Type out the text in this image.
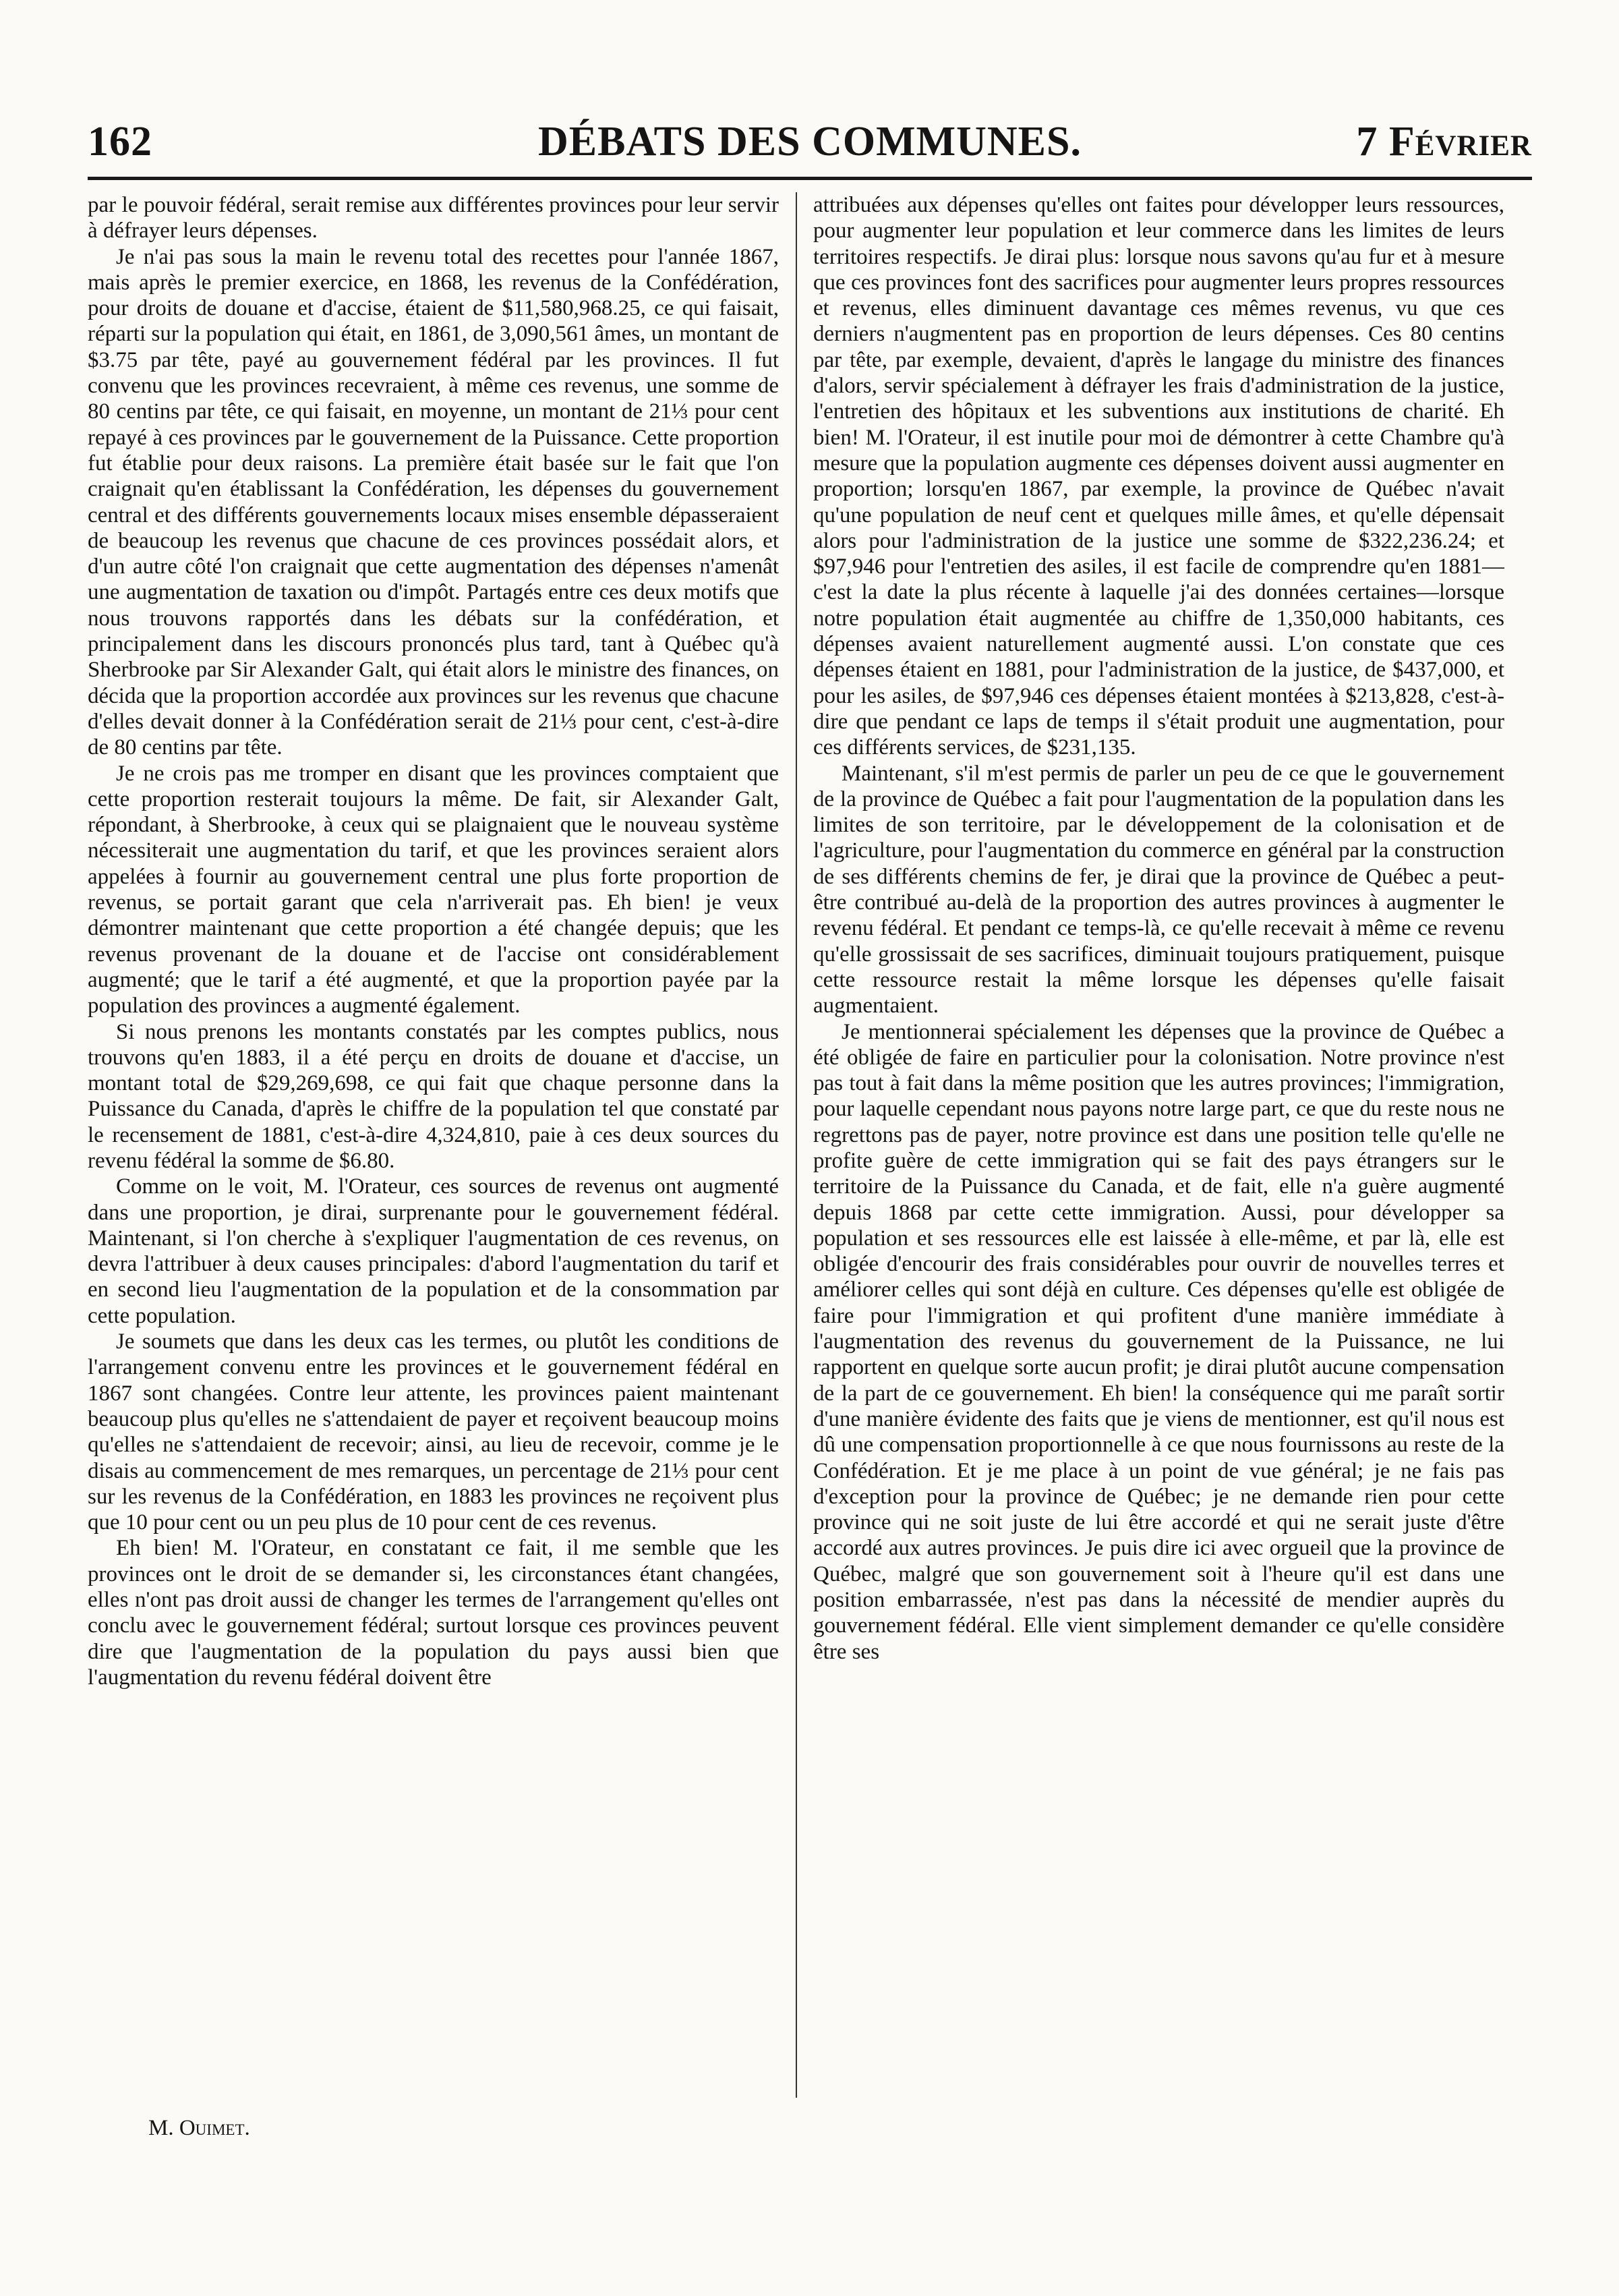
162	DÉBATS DES COMMUNES.	7 Février

par le pouvoir fédéral, serait remise aux différentes provinces pour leur servir à défrayer leurs dépenses.

Je n'ai pas sous la main le revenu total des recettes pour l'année 1867, mais après le premier exercice, en 1868, les revenus de la Confédération, pour droits de douane et d'accise, étaient de $11,580,968.25, ce qui faisait, réparti sur la population qui était, en 1861, de 3,090,561 âmes, un montant de $3.75 par tête, payé au gouvernement fédéral par les provinces. Il fut convenu que les provinces recevraient, à même ces revenus, une somme de 80 centins par tête, ce qui faisait, en moyenne, un montant de 21⅓ pour cent repayé à ces provinces par le gouvernement de la Puissance. Cette proportion fut établie pour deux raisons. La première était basée sur le fait que l'on craignait qu'en établissant la Confédération, les dépenses du gouvernement central et des différents gouvernements locaux mises ensemble dépasseraient de beaucoup les revenus que chacune de ces provinces possédait alors, et d'un autre côté l'on craignait que cette augmentation des dépenses n'amenât une augmentation de taxation ou d'impôt. Partagés entre ces deux motifs que nous trouvons rapportés dans les débats sur la confédération, et principalement dans les discours prononcés plus tard, tant à Québec qu'à Sherbrooke par Sir Alexander Galt, qui était alors le ministre des finances, on décida que la proportion accordée aux provinces sur les revenus que chacune d'elles devait donner à la Confédération serait de 21⅓ pour cent, c'est-à-dire de 80 centins par tête.

Je ne crois pas me tromper en disant que les provinces comptaient que cette proportion resterait toujours la même. De fait, sir Alexander Galt, répondant, à Sherbrooke, à ceux qui se plaignaient que le nouveau système nécessiterait une augmentation du tarif, et que les provinces seraient alors appelées à fournir au gouvernement central une plus forte proportion de revenus, se portait garant que cela n'arriverait pas. Eh bien! je veux démontrer maintenant que cette proportion a été changée depuis; que les revenus provenant de la douane et de l'accise ont considérablement augmenté; que le tarif a été augmenté, et que la proportion payée par la population des provinces a augmenté également.

Si nous prenons les montants constatés par les comptes publics, nous trouvons qu'en 1883, il a été perçu en droits de douane et d'accise, un montant total de $29,269,698, ce qui fait que chaque personne dans la Puissance du Canada, d'après le chiffre de la population tel que constaté par le recensement de 1881, c'est-à-dire 4,324,810, paie à ces deux sources du revenu fédéral la somme de $6.80.

Comme on le voit, M. l'Orateur, ces sources de revenus ont augmenté dans une proportion, je dirai, surprenante pour le gouvernement fédéral. Maintenant, si l'on cherche à s'expliquer l'augmentation de ces revenus, on devra l'attribuer à deux causes principales: d'abord l'augmentation du tarif et en second lieu l'augmentation de la population et de la consommation par cette population.

Je soumets que dans les deux cas les termes, ou plutôt les conditions de l'arrangement convenu entre les provinces et le gouvernement fédéral en 1867 sont changées. Contre leur attente, les provinces paient maintenant beaucoup plus qu'elles ne s'attendaient de payer et reçoivent beaucoup moins qu'elles ne s'attendaient de recevoir; ainsi, au lieu de recevoir, comme je le disais au commencement de mes remarques, un percentage de 21⅓ pour cent sur les revenus de la Confédération, en 1883 les provinces ne reçoivent plus que 10 pour cent ou un peu plus de 10 pour cent de ces revenus.

Eh bien! M. l'Orateur, en constatant ce fait, il me semble que les provinces ont le droit de se demander si, les circonstances étant changées, elles n'ont pas droit aussi de changer les termes de l'arrangement qu'elles ont conclu avec le gouvernement fédéral; surtout lorsque ces provinces peuvent dire que l'augmentation de la population du pays aussi bien que l'augmentation du revenu fédéral doivent être

attribuées aux dépenses qu'elles ont faites pour développer leurs ressources, pour augmenter leur population et leur commerce dans les limites de leurs territoires respectifs. Je dirai plus: lorsque nous savons qu'au fur et à mesure que ces provinces font des sacrifices pour augmenter leurs propres ressources et revenus, elles diminuent davantage ces mêmes revenus, vu que ces derniers n'augmentent pas en proportion de leurs dépenses. Ces 80 centins par tête, par exemple, devaient, d'après le langage du ministre des finances d'alors, servir spécialement à défrayer les frais d'administration de la justice, l'entretien des hôpitaux et les subventions aux institutions de charité. Eh bien! M. l'Orateur, il est inutile pour moi de démontrer à cette Chambre qu'à mesure que la population augmente ces dépenses doivent aussi augmenter en proportion; lorsqu'en 1867, par exemple, la province de Québec n'avait qu'une population de neuf cent et quelques mille âmes, et qu'elle dépensait alors pour l'administration de la justice une somme de $322,236.24; et $97,946 pour l'entretien des asiles, il est facile de comprendre qu'en 1881—c'est la date la plus récente à laquelle j'ai des données certaines—lorsque notre population était augmentée au chiffre de 1,350,000 habitants, ces dépenses avaient naturellement augmenté aussi. L'on constate que ces dépenses étaient en 1881, pour l'administration de la justice, de $437,000, et pour les asiles, de $97,946 ces dépenses étaient montées à $213,828, c'est-à-dire que pendant ce laps de temps il s'était produit une augmentation, pour ces différents services, de $231,135.

Maintenant, s'il m'est permis de parler un peu de ce que le gouvernement de la province de Québec a fait pour l'augmentation de la population dans les limites de son territoire, par le développement de la colonisation et de l'agriculture, pour l'augmentation du commerce en général par la construction de ses différents chemins de fer, je dirai que la province de Québec a peut-être contribué au-delà de la proportion des autres provinces à augmenter le revenu fédéral. Et pendant ce temps-là, ce qu'elle recevait à même ce revenu qu'elle grossissait de ses sacrifices, diminuait toujours pratiquement, puisque cette ressource restait la même lorsque les dépenses qu'elle faisait augmentaient.

Je mentionnerai spécialement les dépenses que la province de Québec a été obligée de faire en particulier pour la colonisation. Notre province n'est pas tout à fait dans la même position que les autres provinces; l'immigration, pour laquelle cependant nous payons notre large part, ce que du reste nous ne regrettons pas de payer, notre province est dans une position telle qu'elle ne profite guère de cette immigration qui se fait des pays étrangers sur le territoire de la Puissance du Canada, et de fait, elle n'a guère augmenté depuis 1868 par cette cette immigration. Aussi, pour développer sa population et ses ressources elle est laissée à elle-même, et par là, elle est obligée d'encourir des frais considérables pour ouvrir de nouvelles terres et améliorer celles qui sont déjà en culture. Ces dépenses qu'elle est obligée de faire pour l'immigration et qui profitent d'une manière immédiate à l'augmentation des revenus du gouvernement de la Puissance, ne lui rapportent en quelque sorte aucun profit; je dirai plutôt aucune compensation de la part de ce gouvernement. Eh bien! la conséquence qui me paraît sortir d'une manière évidente des faits que je viens de mentionner, est qu'il nous est dû une compensation proportionnelle à ce que nous fournissons au reste de la Confédération. Et je me place à un point de vue général; je ne fais pas d'exception pour la province de Québec; je ne demande rien pour cette province qui ne soit juste de lui être accordé et qui ne serait juste d'être accordé aux autres provinces. Je puis dire ici avec orgueil que la province de Québec, malgré que son gouvernement soit à l'heure qu'il est dans une position embarrassée, n'est pas dans la nécessité de mendier auprès du gouvernement fédéral. Elle vient simplement demander ce qu'elle considère être ses

M. Ouimet.
